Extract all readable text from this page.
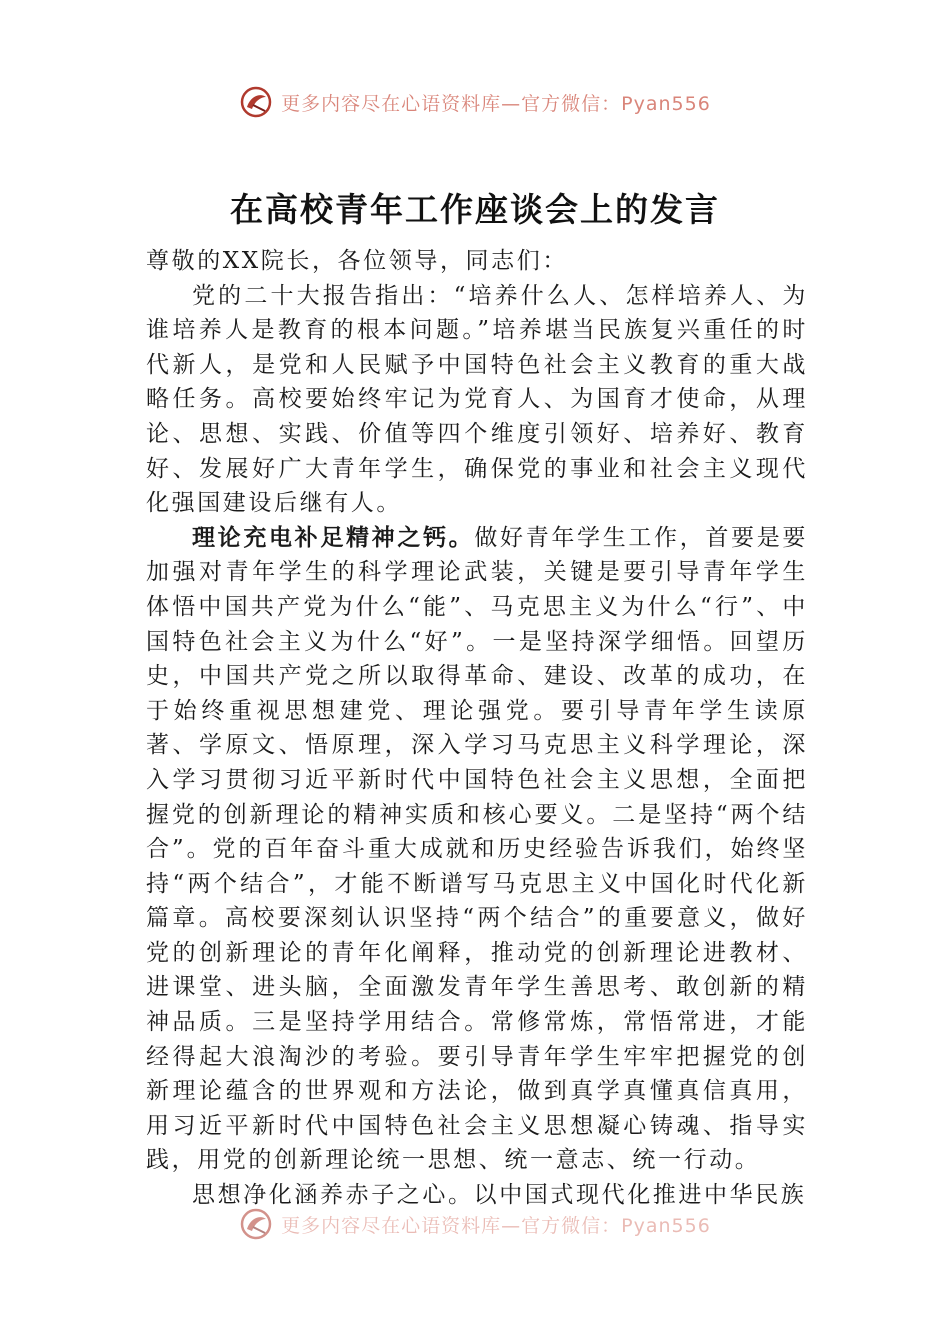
更多内容尽在心语资料库—官方微信：Pyan556
在高校青年工作座谈会上的发言

尊敬的XX院长，各位领导，同志们：

党的二十大报告指出：“培养什么人、怎样培养人、为谁培养人是教育的根本问题。”培养堪当民族复兴重任的时代新人，是党和人民赋予中国特色社会主义教育的重大战略任务。高校要始终牢记为党育人、为国育才使命，从理论、思想、实践、价值等四个维度引领好、培养好、教育好、发展好广大青年学生，确保党的事业和社会主义现代化强国建设后继有人。

理论充电补足精神之钙。做好青年学生工作，首要是要加强对青年学生的科学理论武装，关键是要引导青年学生体悟中国共产党为什么“能”、马克思主义为什么“行”、中国特色社会主义为什么“好”。一是坚持深学细悟。回望历史，中国共产党之所以取得革命、建设、改革的成功，在于始终重视思想建党、理论强党。要引导青年学生读原著、学原文、悟原理，深入学习马克思主义科学理论，深入学习贯彻习近平新时代中国特色社会主义思想，全面把握党的创新理论的精神实质和核心要义。二是坚持“两个结合”。党的百年奋斗重大成就和历史经验告诉我们，始终坚持“两个结合”，才能不断谱写马克思主义中国化时代化新篇章。高校要深刻认识坚持“两个结合”的重要意义，做好党的创新理论的青年化阐释，推动党的创新理论进教材、进课堂、进头脑，全面激发青年学生善思考、敢创新的精神品质。三是坚持学用结合。常修常炼，常悟常进，才能经得起大浪淘沙的考验。要引导青年学生牢牢把握党的创新理论蕴含的世界观和方法论，做到真学真懂真信真用，用习近平新时代中国特色社会主义思想凝心铸魂、指导实践，用党的创新理论统一思想、统一意志、统一行动。

思想净化涵养赤子之心。以中国式现代化推进中华民族

更多内容尽在心语资料库—官方微信：Pyan556
